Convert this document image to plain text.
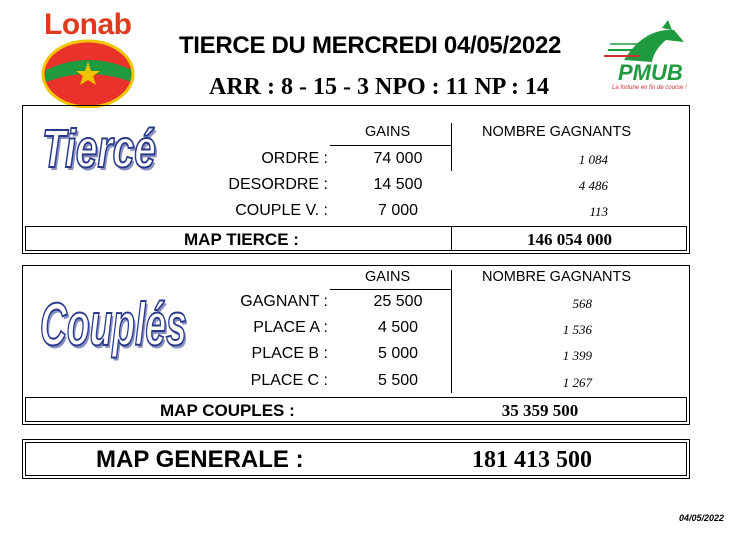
Lonab
PMUB
La fortune en fin de course !
TIERCE DU MERCREDI 04/05/2022
ARR : 8 - 15 - 3 NPO : 11 NP : 14
Tiercé	GAINS	NOMBRE GAGNANTS
ORDRE :	74 000	1 084
DESORDRE :	14 500	4 486
COUPLE V. :	7 000	113
MAP TIERCE :	146 054 000
Couplés
GAINS	NOMBRE GAGNANTS
GAGNANT :	25 500	568
PLACE A :	4 500	1 536
PLACE B :	5 000	1 399
PLACE C :	5 500	1 267
MAP COUPLES :	35 359 500
MAP GENERALE :	181 413 500
04/05/2022
